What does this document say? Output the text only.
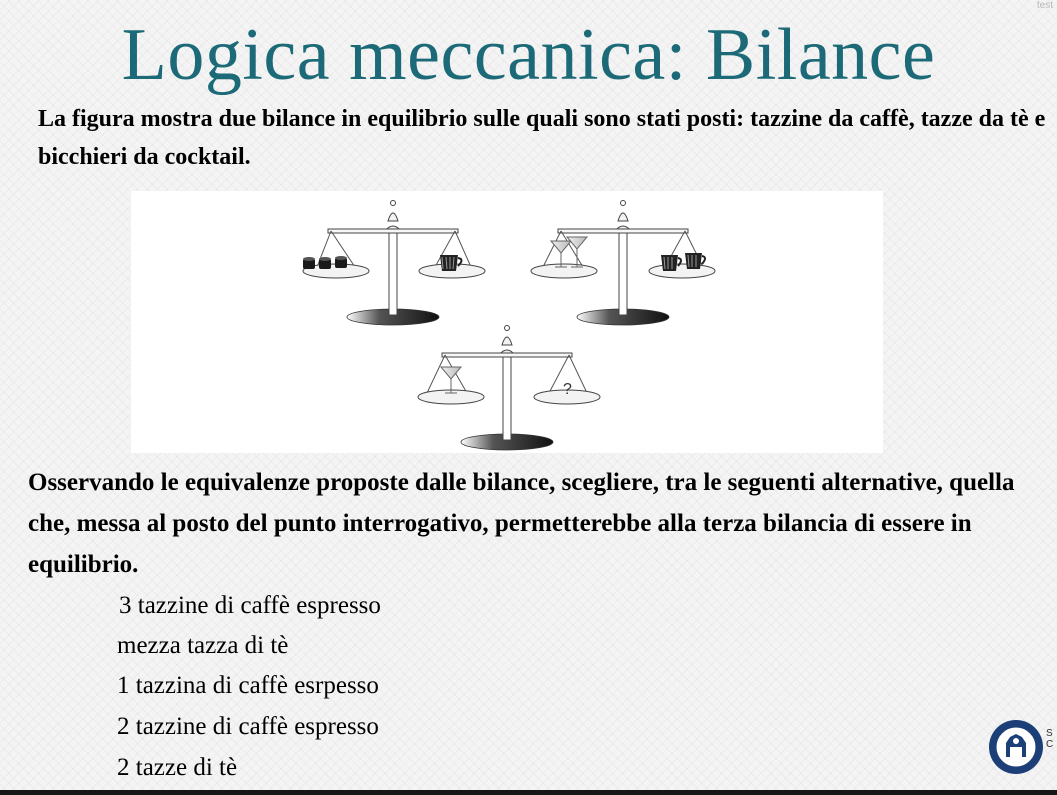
test
Logica meccanica: Bilance

La figura mostra due bilance in equilibrio sulle quali sono stati posti: tazzine da caffè, tazze da tè e bicchieri da cocktail.

?

Osservando le equivalenze proposte dalle bilance, scegliere, tra le seguenti alternative, quella che, messa al posto del punto interrogativo, permetterebbe alla terza bilancia di essere in equilibrio.

3 tazzine di caffè espresso
mezza tazza di tè
1 tazzina di caffè esrpesso
2 tazzine di caffè espresso
2 tazze di tè
S C
